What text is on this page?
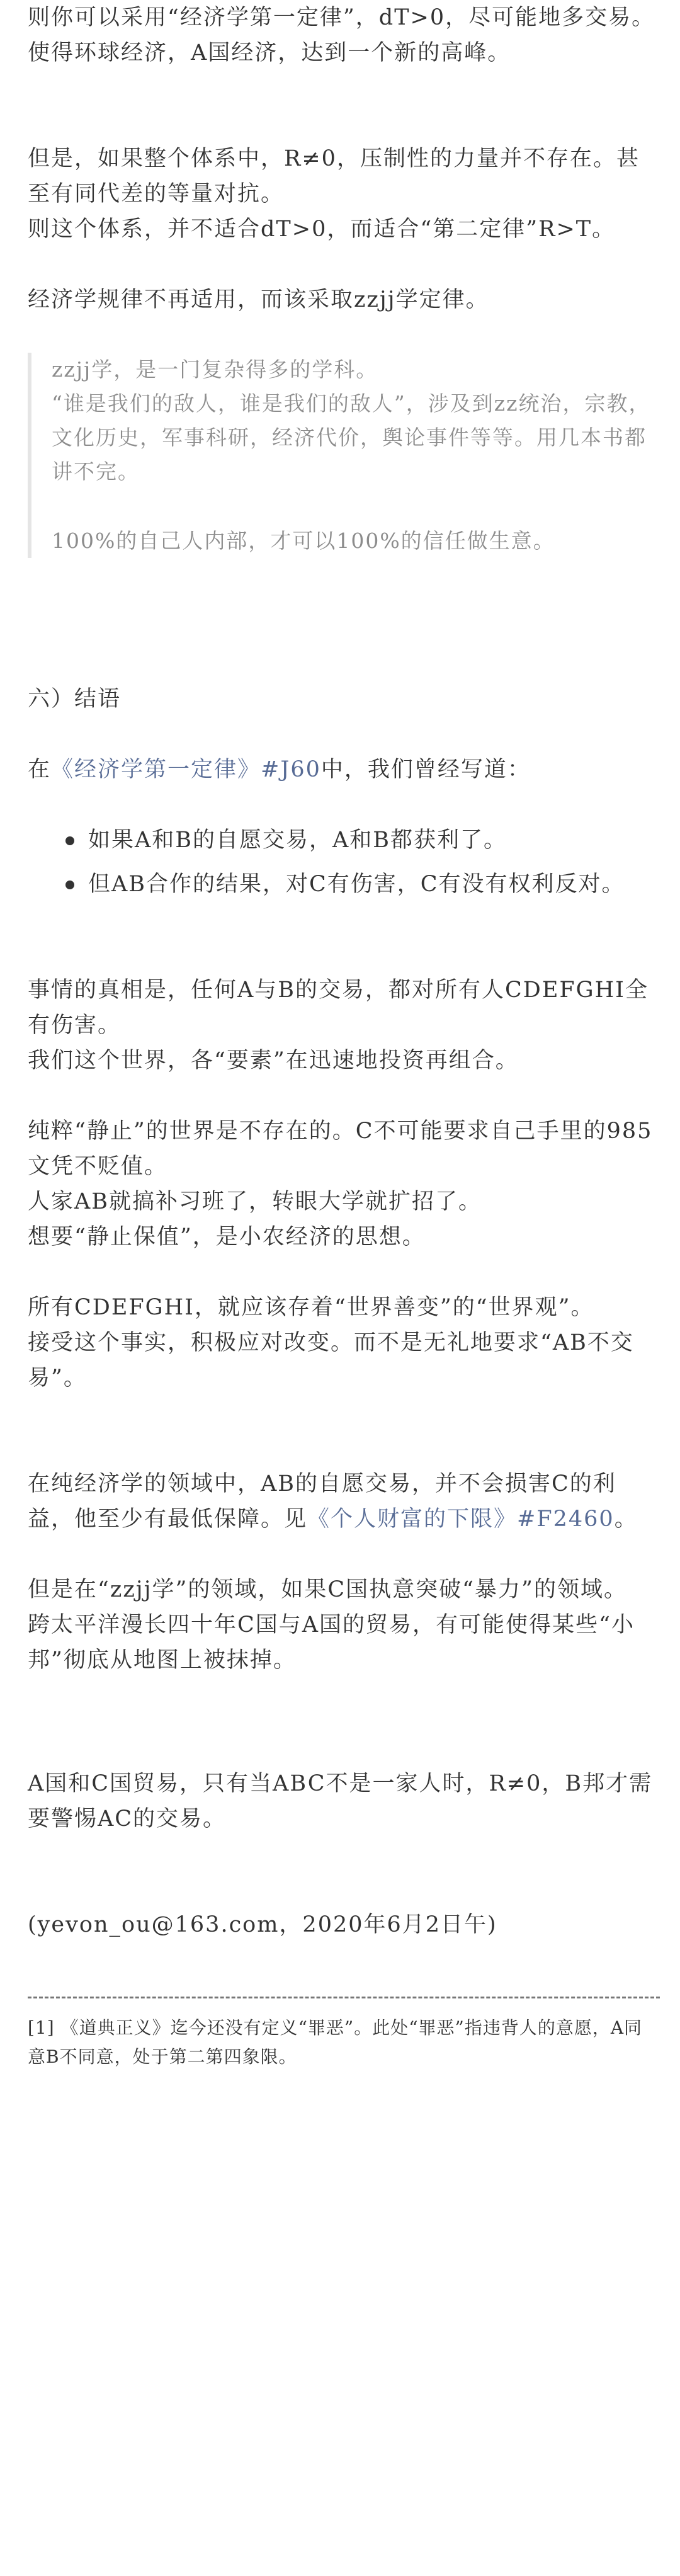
则你可以采用“经济学第一定律”，dT>0，尽可能地多交易。使得环球经济，A国经济，达到一个新的高峰。

但是，如果整个体系中，R≠0，压制性的力量并不存在。甚至有同代差的等量对抗。

则这个体系，并不适合dT>0，而适合“第二定律”R>T。

经济学规律不再适用，而该采取zzjj学定律。

zzjj学，是一门复杂得多的学科。

“谁是我们的敌人，谁是我们的敌人”，涉及到zz统治，宗教，文化历史，军事科研，经济代价，舆论事件等等。用几本书都讲不完。

100%的自己人内部，才可以100%的信任做生意。

六）结语

在《经济学第一定律》#J60中，我们曾经写道：

如果A和B的自愿交易，A和B都获利了。
但AB合作的结果，对C有伤害，C有没有权利反对。

事情的真相是，任何A与B的交易，都对所有人CDEFGHI全有伤害。

我们这个世界，各“要素”在迅速地投资再组合。

纯粹“静止”的世界是不存在的。C不可能要求自己手里的985文凭不贬值。

人家AB就搞补习班了，转眼大学就扩招了。

想要“静止保值”，是小农经济的思想。

所有CDEFGHI，就应该存着“世界善变”的“世界观”。

接受这个事实，积极应对改变。而不是无礼地要求“AB不交易”。

在纯经济学的领域中，AB的自愿交易，并不会损害C的利益，他至少有最低保障。见《个人财富的下限》#F2460。

但是在“zzjj学”的领域，如果C国执意突破“暴力”的领域。

跨太平洋漫长四十年C国与A国的贸易，有可能使得某些“小邦”彻底从地图上被抹掉。

A国和C国贸易，只有当ABC不是一家人时，R≠0，B邦才需要警惕AC的交易。

(yevon_ou@163.com，2020年6月2日午)

[1] 《道典正义》迄今还没有定义“罪恶”。此处“罪恶”指违背人的意愿，A同意B不同意，处于第二第四象限。
